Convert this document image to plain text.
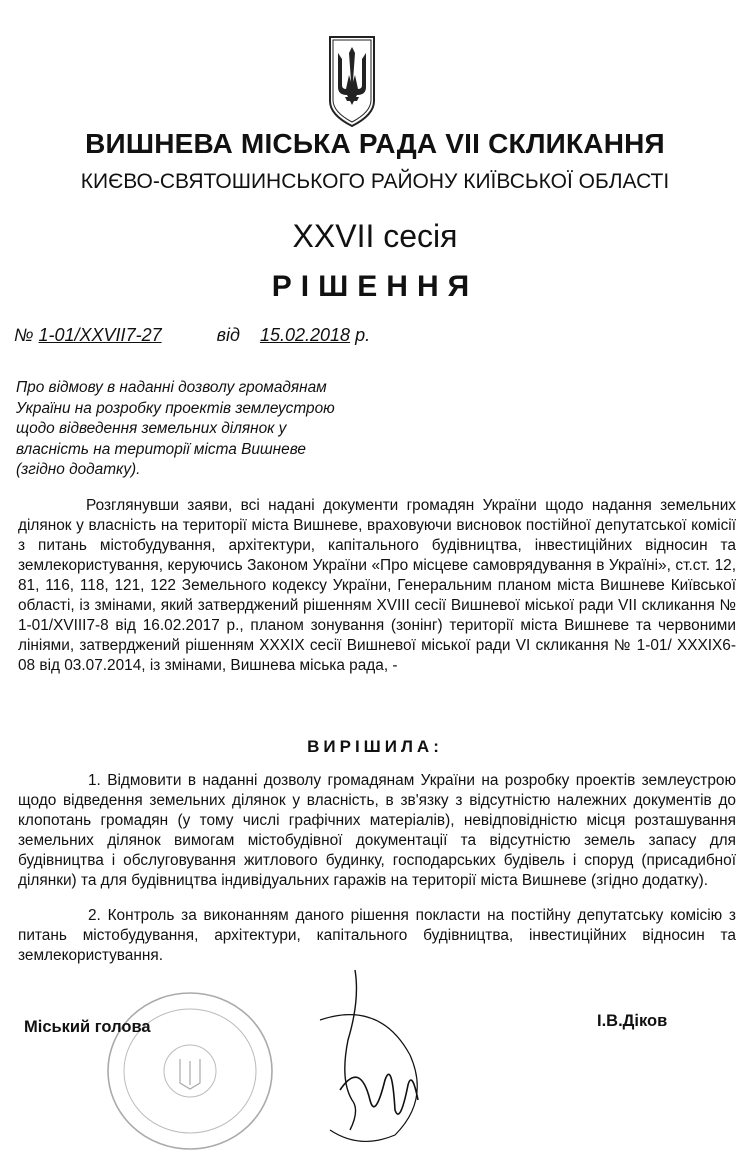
ВИШНЕВА МІСЬКА РАДА VII СКЛИКАННЯ
КИЄВО-СВЯТОШИНСЬКОГО РАЙОНУ КИЇВСЬКОЇ ОБЛАСТІ
XXVII сесія
РІШЕННЯ
№ 1-01/XXVII7-27	від 15.02.2018 р.
Про відмову в наданні дозволу громадянам України на розробку проектів землеустрою щодо відведення земельних ділянок у власність на території міста Вишневе (згідно додатку).
Розглянувши заяви, всі надані документи громадян України щодо надання земельних ділянок у власність на території міста Вишневе, враховуючи висновок постійної депутатської комісії з питань містобудування, архітектури, капітального будівництва, інвестиційних відносин та землекористування, керуючись Законом України «Про місцеве самоврядування в Україні», ст.ст. 12, 81, 116, 118, 121, 122 Земельного кодексу України, Генеральним планом міста Вишневе Київської області, із змінами, який затверджений рішенням XVIII сесії Вишневої міської ради VII скликання № 1-01/XVIII7-8 від 16.02.2017 р., планом зонування (зонінг) території міста Вишневе та червоними лініями, затверджений рішенням XXXIX сесії Вишневої міської ради VI скликання № 1-01/ XXXIX6-08 від 03.07.2014, із змінами, Вишнева міська рада, -
ВИРІШИЛА:
1. Відмовити в наданні дозволу громадянам України на розробку проектів землеустрою щодо відведення земельних ділянок у власність, в зв'язку з відсутністю належних документів до клопотань громадян (у тому числі графічних матеріалів), невідповідністю місця розташування земельних ділянок вимогам містобудівної документації та відсутністю земель запасу для будівництва і обслуговування житлового будинку, господарських будівель і споруд (присадибної ділянки) та для будівництва індивідуальних гаражів на території міста Вишневе (згідно додатку).
2. Контроль за виконанням даного рішення покласти на постійну депутатську комісію з питань містобудування, архітектури, капітального будівництва, інвестиційних відносин та землекористування.
Міський голова	І.В.Діков
